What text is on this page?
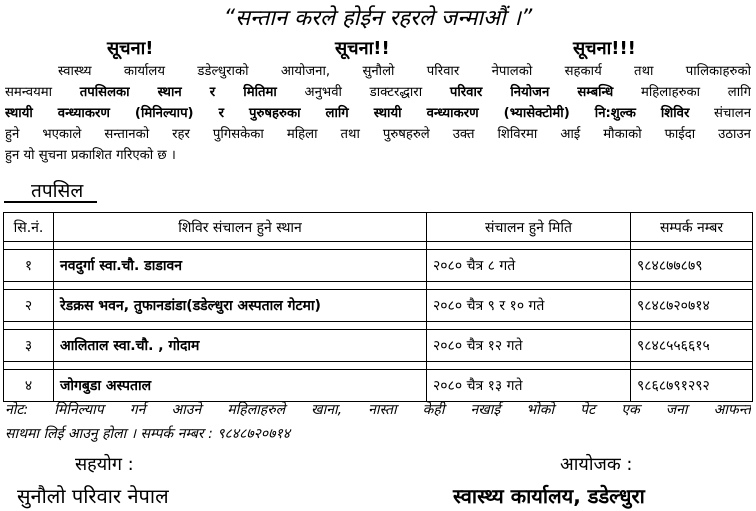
“सन्तान करले होईन रहरले जन्माऔं ।”
सूचना!	सूचना!!	सूचना!!!
स्वास्थ्य कार्यालय डडेल्धुराको आयोजना, सुनौलो परिवार नेपालको सहकार्य तथा पालिकाहरुको
समन्वयमा तपसिलका स्थान र मितिमा अनुभवी डाक्टरद्धारा परिवार नियोजन सम्बन्धि महिलाहरुका लागि
स्थायी वन्ध्याकरण (मिनिल्याप) र पुरुषहरुका लागि स्थायी वन्ध्याकरण (भ्यासेक्टोमी) नि:शुल्क शिविर संचालन
हुने भएकाले सन्तानको रहर पुगिसकेका महिला तथा पुरुषहरुले उक्त शिविरमा आई मौकाको फाईदा उठाउन
हुन यो सुचना प्रकाशित गरिएको छ ।
तपसिल
सि.नं.	शिविर संचालन हुने स्थान	संचालन हुने मिति	सम्पर्क नम्बर

१	नवदुर्गा स्वा.चौ. डाडावन	२०८० चैत्र ८ गते	९८४८७७८७९

२	रेडक्रस भवन, तुफानडांडा(डडेल्धुरा अस्पताल गेटमा)	२०८० चैत्र ९ र १० गते	९८४८७२०७१४

३	आलिताल स्वा.चौ. , गोदाम	२०८० चैत्र १२ गते	९८४८५५६६१५

४	जोगबुडा अस्पताल	२०८० चैत्र १३ गते	९८६८७९१२९२
नोट: मिनिल्याप गर्न आउने महिलाहरुले खाना, नास्ता केही नखाई भोको पेट एक जना आफन्त
साथमा लिई आउनु होला । सम्पर्क नम्बर : ९८४८७२०७१४
सहयोग :	आयोजक :
सुनौलो परिवार नेपाल	स्वास्थ्य कार्यालय, डडेल्धुरा
